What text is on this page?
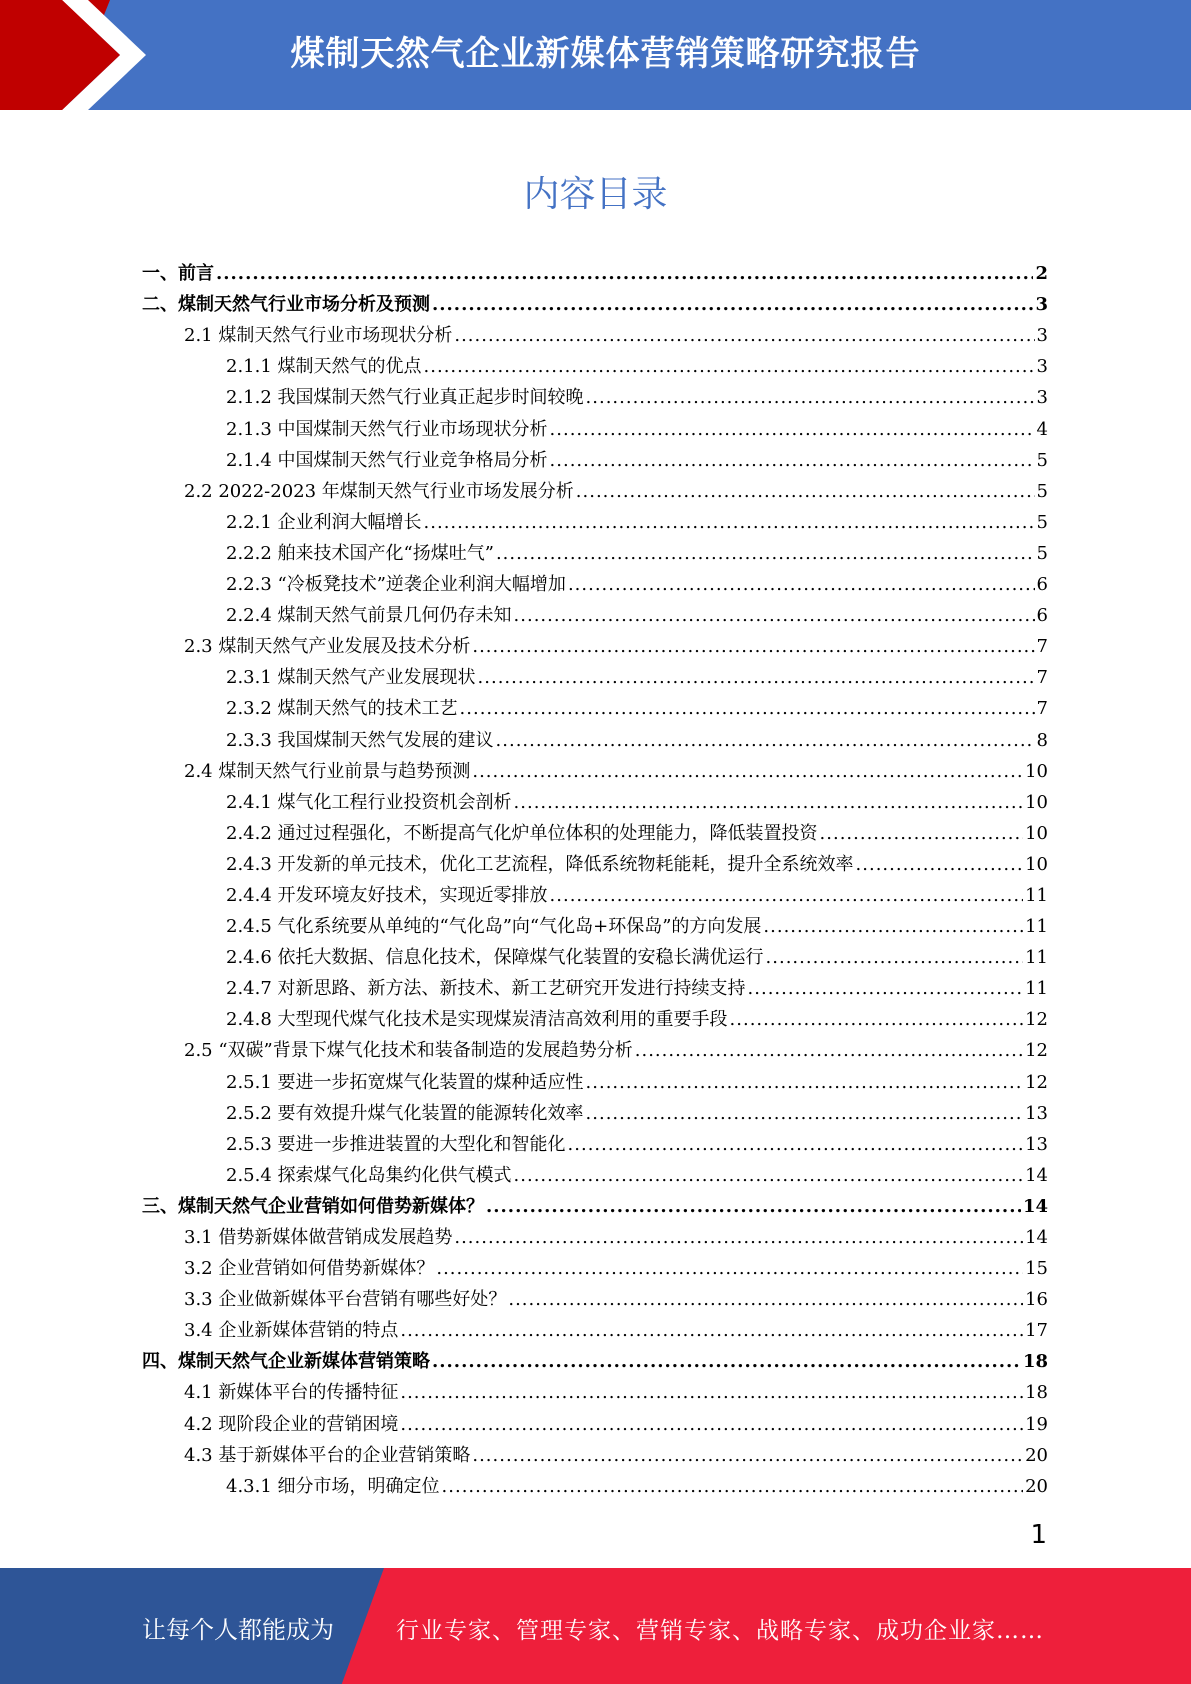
煤制天然气企业新媒体营销策略研究报告
内容目录
一、前言 .....	2
二、煤制天然气行业市场分析及预测 .....	3
2.1 煤制天然气行业市场现状分析 .....	3
2.1.1 煤制天然气的优点 .....	3
2.1.2 我国煤制天然气行业真正起步时间较晚 .....	3
2.1.3 中国煤制天然气行业市场现状分析 .....	4
2.1.4 中国煤制天然气行业竞争格局分析 .....	5
2.2 2022-2023 年煤制天然气行业市场发展分析 .....	5
2.2.1 企业利润大幅增长 .....	5
2.2.2 舶来技术国产化“扬煤吐气” .....	5
2.2.3 “冷板凳技术”逆袭企业利润大幅增加 .....	6
2.2.4 煤制天然气前景几何仍存未知 .....	6
2.3 煤制天然气产业发展及技术分析 .....	7
2.3.1 煤制天然气产业发展现状 .....	7
2.3.2 煤制天然气的技术工艺 .....	7
2.3.3 我国煤制天然气发展的建议 .....	8
2.4 煤制天然气行业前景与趋势预测 .....	10
2.4.1 煤气化工程行业投资机会剖析 .....	10
2.4.2 通过过程强化，不断提高气化炉单位体积的处理能力，降低装置投资 .....	10
2.4.3 开发新的单元技术，优化工艺流程，降低系统物耗能耗，提升全系统效率 .....	10
2.4.4 开发环境友好技术，实现近零排放 .....	11
2.4.5 气化系统要从单纯的“气化岛”向“气化岛+环保岛”的方向发展 .....	11
2.4.6 依托大数据、信息化技术，保障煤气化装置的安稳长满优运行 .....	11
2.4.7 对新思路、新方法、新技术、新工艺研究开发进行持续支持 .....	11
2.4.8 大型现代煤气化技术是实现煤炭清洁高效利用的重要手段 .....	12
2.5 “双碳”背景下煤气化技术和装备制造的发展趋势分析 .....	12
2.5.1 要进一步拓宽煤气化装置的煤种适应性 .....	12
2.5.2 要有效提升煤气化装置的能源转化效率 .....	13
2.5.3 要进一步推进装置的大型化和智能化 .....	13
2.5.4 探索煤气化岛集约化供气模式 .....	14
三、煤制天然气企业营销如何借势新媒体？ .....	14
3.1 借势新媒体做营销成发展趋势 .....	14
3.2 企业营销如何借势新媒体？ .....	15
3.3 企业做新媒体平台营销有哪些好处？ .....	16
3.4 企业新媒体营销的特点 .....	17
四、煤制天然气企业新媒体营销策略 .....	18
4.1 新媒体平台的传播特征 .....	18
4.2 现阶段企业的营销困境 .....	19
4.3 基于新媒体平台的企业营销策略 .....	20
4.3.1 细分市场，明确定位 .....	20
1
让每个人都能成为	行业专家、管理专家、营销专家、战略专家、成功企业家……
